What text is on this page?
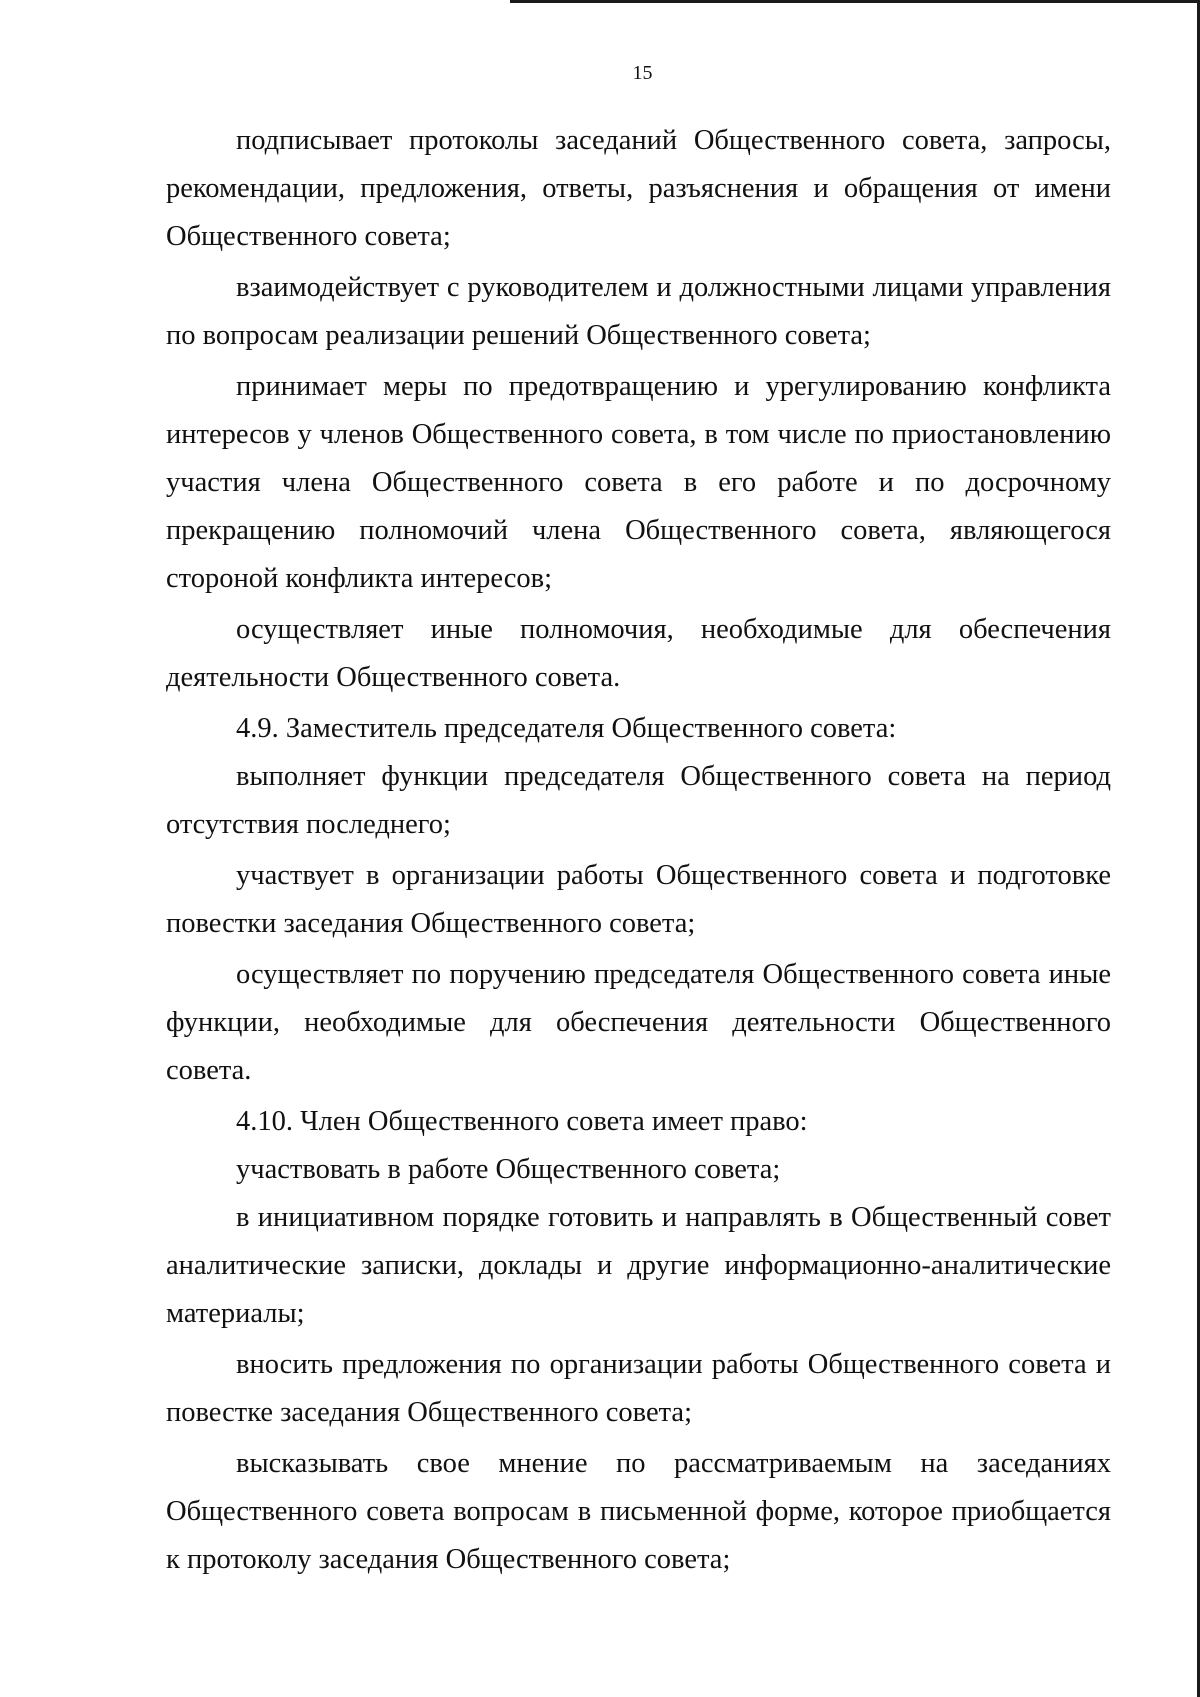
15

подписывает протоколы заседаний Общественного совета, запросы, рекомендации, предложения, ответы, разъяснения и обращения от имени Общественного совета;

взаимодействует с руководителем и должностными лицами управления по вопросам реализации решений Общественного совета;

принимает меры по предотвращению и урегулированию конфликта интересов у членов Общественного совета, в том числе по приостановлению участия члена Общественного совета в его работе и по досрочному прекращению полномочий члена Общественного совета, являющегося стороной конфликта интересов;

осуществляет иные полномочия, необходимые для обеспечения деятельности Общественного совета.

4.9. Заместитель председателя Общественного совета:

выполняет функции председателя Общественного совета на период отсутствия последнего;

участвует в организации работы Общественного совета и подготовке повестки заседания Общественного совета;

осуществляет по поручению председателя Общественного совета иные функции, необходимые для обеспечения деятельности Общественного совета.

4.10. Член Общественного совета имеет право:

участвовать в работе Общественного совета;

в инициативном порядке готовить и направлять в Общественный совет аналитические записки, доклады и другие информационно-аналитические материалы;

вносить предложения по организации работы Общественного совета и повестке заседания Общественного совета;

высказывать свое мнение по рассматриваемым на заседаниях Общественного совета вопросам в письменной форме, которое приобщается к протоколу заседания Общественного совета;
